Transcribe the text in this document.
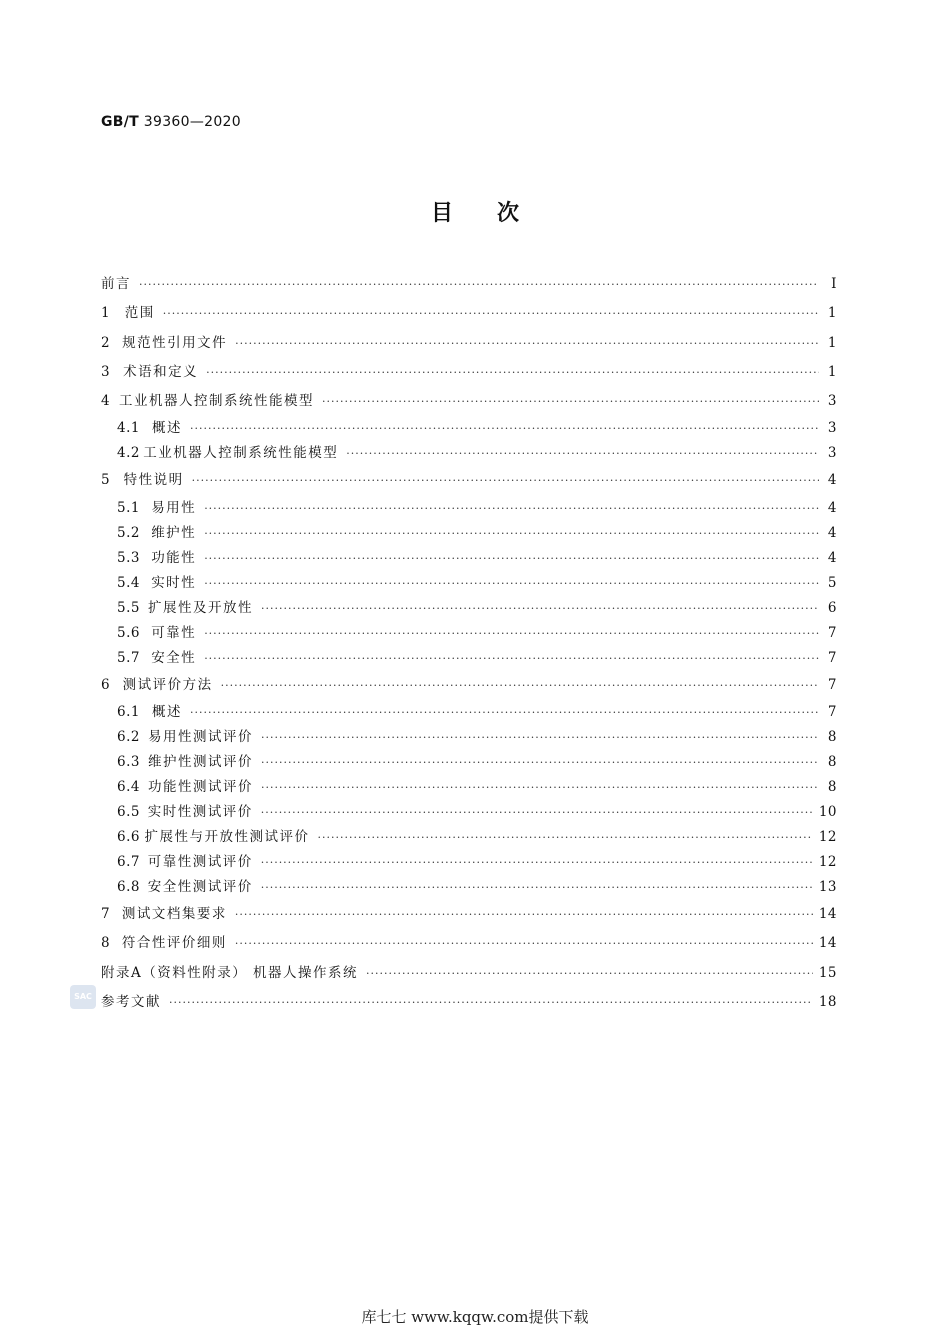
GB/T 39360—2020
目次
前言 ·····	Ⅰ
1	范围 ·····	1
2 规范性引用文件 ·····	1
3 术语和定义 ·····	1
4 工业机器人控制系统性能模型 ·····	3
4.1 概述 ·····	3
4.2 工业机器人控制系统性能模型 ·····	3
5	特性说明 ·····	4
5.1 易用性 ·····	4
5.2 维护性 ·····	4
5.3 功能性 ·····	4
5.4 实时性 ·····	5
5.5 扩展性及开放性 ·····	6
5.6 可靠性 ·····	7
5.7 安全性 ·····	7
6 测试评价方法 ·····	7
6.1 概述 ·····	7
6.2 易用性测试评价 ·····	8
6.3 维护性测试评价 ·····	8
6.4 功能性测试评价 ·····	8
6.5 实时性测试评价 ·····	10
6.6 扩展性与开放性测试评价 ·····	12
6.7 可靠性测试评价 ·····	12
6.8 安全性测试评价 ·····	13
7 测试文档集要求 ·····	14
8 符合性评价细则 ·····	14
附录A（资料性附录） 机器人操作系统 ·····	15
参考文献 ·····	18
SAC
库七七 www.kqqw.com提供下载
